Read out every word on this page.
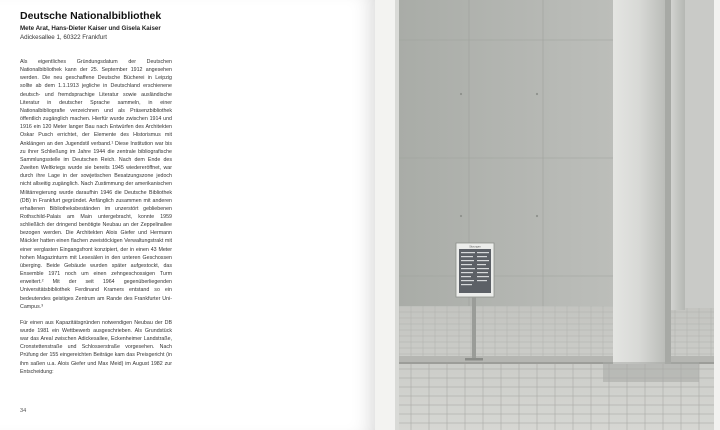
Deutsche Nationalbibliothek
Mete Arat, Hans-Dieter Kaiser und Gisela Kaiser
Adickesallee 1, 60322 Frankfurt

Als eigentliches Gründungsdatum der Deutschen Nationalbibliothek kann der 25. September 1912 angesehen werden. Die neu geschaffene Deutsche Bücherei in Leipzig sollte ab dem 1.1.1913 jegliche in Deutschland erschienene deutsch- und fremdsprachige Literatur sowie ausländische Literatur in deutscher Sprache sammeln, in einer Nationalbibliografie verzeichnen und als Präsenzbibliothek öffentlich zugänglich machen. Hierfür wurde zwischen 1914 und 1916 ein 120 Meter langer Bau nach Entwürfen des Architekten Oskar Pusch errichtet, der Elemente des Historismus mit Anklängen an den Jugendstil verband.¹ Diese Institution war bis zu ihrer Schließung im Jahre 1944 die zentrale bibliografische Sammlungsstelle im Deutschen Reich. Nach dem Ende des Zweiten Weltkriegs wurde sie bereits 1945 wiedereröffnet, war durch ihre Lage in der sowjetischen Besatzungszone jedoch nicht allseitig zugänglich. Nach Zustimmung der amerikanischen Militärregierung wurde daraufhin 1946 die Deutsche Bibliothek (DB) in Frankfurt gegründet. Anfänglich zusammen mit anderen erhaltenen Bibliotheksbeständen im unzerstört gebliebenen Rothschild-Palais am Main untergebracht, konnte 1959 schließlich der dringend benötigte Neubau an der Zeppelinallee bezogen werden. Die Architekten Alois Giefer und Hermann Mäckler hatten einen flachen zweistöckigen Verwaltungstrakt mit einer verglasten Eingangsfront konzipiert, der in einen 43 Meter hohen Magazinturm mit Lesesälen in den unteren Geschossen überging. Beide Gebäude wurden später aufgestockt, das Ensemble 1971 noch um einen zehngeschossigen Turm erweitert.² Mit der seit 1964 gegenüberliegenden Universitätsbibliothek Ferdinand Kramers entstand so ein bedeutendes geistiges Zentrum am Rande des Frankfurter Uni-Campus.³

Für einen aus Kapazitätsgründen notwendigen Neubau der DB wurde 1981 ein Wettbewerb ausgeschrieben. Als Grundstück war das Areal zwischen Adickesallee, Eckenheimer Landstraße, Cronstettenstraße und Schlosserstraße vorgesehen. Nach Prüfung der 155 eingereichten Beiträge kam das Preisgericht (in ihm saßen u.a. Alois Giefer und Max Meid) im August 1982 zur Entscheidung:

34
Sitzungen
